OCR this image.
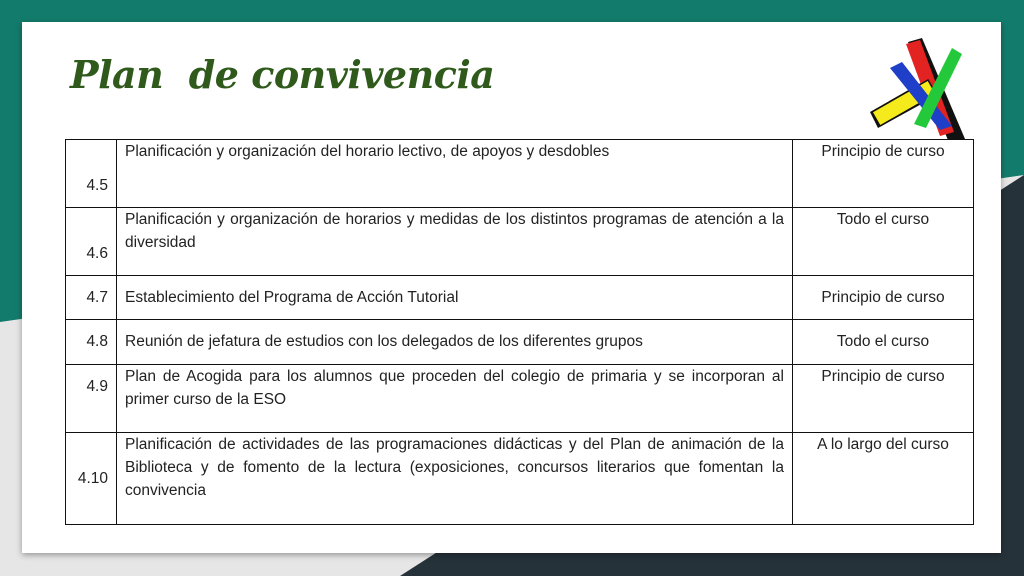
Plan  de convivencia
4.5	Planificación y organización del horario lectivo, de apoyos y desdobles	Principio de curso
4.6	Planificación y organización de horarios y medidas de los distintos programas de atención a la diversidad	Todo el curso
4.7	Establecimiento del Programa de Acción Tutorial	Principio de curso
4.8	Reunión de jefatura de estudios con los delegados de los diferentes grupos	Todo el curso
4.9	Plan de Acogida para los alumnos que proceden del colegio de primaria y se incorporan al primer curso de la ESO	Principio de curso
4.10	Planificación de actividades de las programaciones didácticas y del Plan de animación de la Biblioteca y de fomento de la lectura (exposiciones, concursos literarios que fomentan la convivencia	A lo largo del curso
